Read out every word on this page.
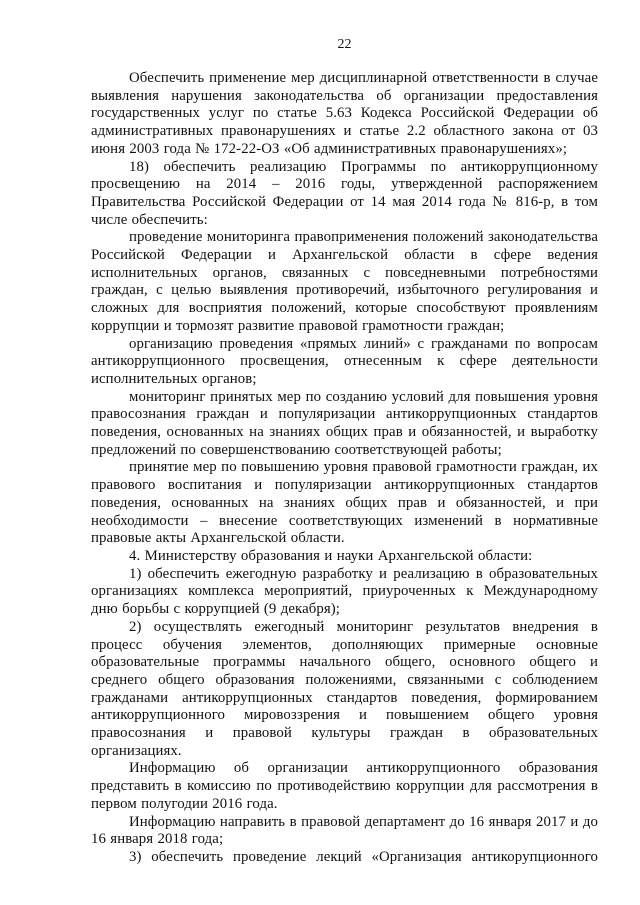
22

Обеспечить применение мер дисциплинарной ответственности в случае выявления нарушения законодательства об организации предоставления государственных услуг по статье 5.63 Кодекса Российской Федерации об административных правонарушениях и статье 2.2 областного закона от 03 июня 2003 года № 172-22-ОЗ «Об административных правонарушениях»;

18) обеспечить реализацию Программы по антикоррупционному просвещению на 2014 – 2016 годы, утвержденной распоряжением Правительства Российской Федерации от 14 мая 2014 года № 816-р, в том числе обеспечить:

проведение мониторинга правоприменения положений законодательства Российской Федерации и Архангельской области в сфере ведения исполнительных органов, связанных с повседневными потребностями граждан, с целью выявления противоречий, избыточного регулирования и сложных для восприятия положений, которые способствуют проявлениям коррупции и тормозят развитие правовой грамотности граждан;

организацию проведения «прямых линий» с гражданами по вопросам антикоррупционного просвещения, отнесенным к сфере деятельности исполнительных органов;

мониторинг принятых мер по созданию условий для повышения уровня правосознания граждан и популяризации антикоррупционных стандартов поведения, основанных на знаниях общих прав и обязанностей, и выработку предложений по совершенствованию соответствующей работы;

принятие мер по повышению уровня правовой грамотности граждан, их правового воспитания и популяризации антикоррупционных стандартов поведения, основанных на знаниях общих прав и обязанностей, и при необходимости – внесение соответствующих изменений в нормативные правовые акты Архангельской области.

4. Министерству образования и науки Архангельской области:

1) обеспечить ежегодную разработку и реализацию в образовательных организациях комплекса мероприятий, приуроченных к Международному дню борьбы с коррупцией (9 декабря);

2) осуществлять ежегодный мониторинг результатов внедрения в процесс обучения элементов, дополняющих примерные основные образовательные программы начального общего, основного общего и среднего общего образования положениями, связанными с соблюдением гражданами антикоррупционных стандартов поведения, формированием антикоррупционного мировоззрения и повышением общего уровня правосознания и правовой культуры граждан в образовательных организациях.

Информацию об организации антикоррупционного образования представить в комиссию по противодействию коррупции для рассмотрения в первом полугодии 2016 года.

Информацию направить в правовой департамент до 16 января 2017 и до 16 января 2018 года;

3) обеспечить проведение лекций «Организация антикорупционного
